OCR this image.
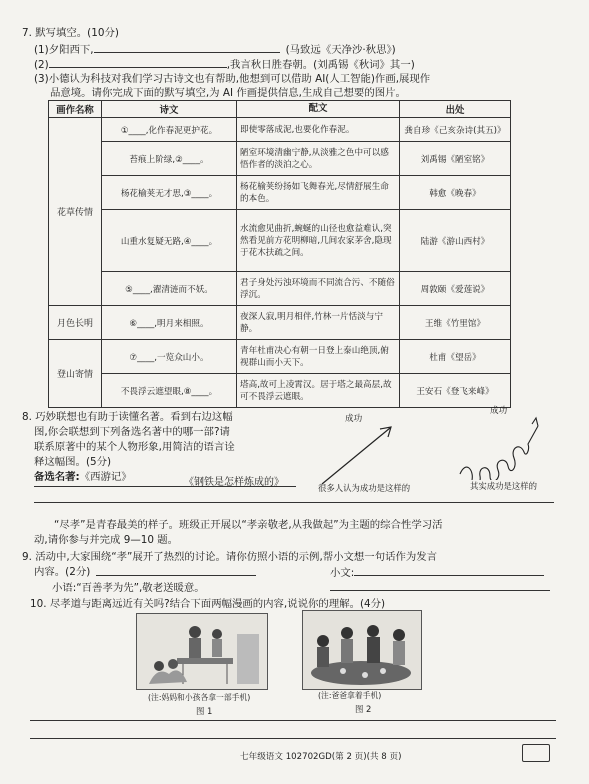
7. 默写填空。(10分)
(1)夕阳西下,	(马致远《天净沙·秋思》)
(2)	,我言秋日胜春朝。(刘禹锡《秋词》其一)
(3)小德认为科技对我们学习古诗文也有帮助,他想到可以借助 AI(人工智能)作画,展现作
品意境。请你完成下面的默写填空,为 AI 作画提供信息,生成自己想要的图片。
画作名称	诗文	配文	出处
花草传情	①____,化作春泥更护花。	即使零落成泥,也要化作春泥。	龚自珍《己亥杂诗(其五)》
	苔痕上阶绿,②____。	陋室环境清幽宁静,从淡雅之色中可以感悟作者的淡泊之心。	刘禹锡《陋室铭》
	杨花榆荚无才思,③____。	杨花榆荚纷扬如飞舞春光,尽情舒展生命的本色。	韩愈《晚春》
	山重水复疑无路,④____。	水流愈见曲折,蜿蜒的山径也愈益难认,突然看见前方花明柳暗,几间农家茅舍,隐现于花木扶疏之间。	陆游《游山西村》
	⑤____,濯清涟而不妖。	君子身处污浊环境而不同流合污、不随俗浮沉。	周敦颐《爱莲说》
月色长明	⑥____,明月来相照。	夜深人寂,明月相伴,竹林一片恬淡与宁静。	王维《竹里馆》
登山寄情	⑦____,一览众山小。	青年杜甫决心有朝一日登上泰山绝顶,俯视群山而小天下。	杜甫《望岳》
	不畏浮云遮望眼,⑧____。	塔高,故可上凌霄汉。居于塔之最高层,故可不畏浮云遮眼。	王安石《登飞来峰》
8. 巧妙联想也有助于读懂名著。看到右边这幅
图,你会联想到下列备选名著中的哪一部?请
联系原著中的某个人物形象,用简洁的语言诠
释这幅图。(5分)
备选名著:《西游记》	《钢铁是怎样炼成的》
成功
很多人认为成功是这样的
成功
其实成功是这样的
“尽孝”是青春最美的样子。班级正开展以“孝亲敬老,从我做起”为主题的综合性学习活
动,请你参与并完成 9—10 题。
9. 活动中,大家围绕“孝”展开了热烈的讨论。请你仿照小语的示例,帮小文想一句话作为发言
内容。(2分)	小文:
小语:“百善孝为先”,敬老送暖意。
10. 尽孝道与距离远近有关吗?结合下面两幅漫画的内容,说说你的理解。(4分)
(注:妈妈和小孩各拿一部手机)
图 1
(注:爸爸拿着手机)
图 2
七年级语文 102702GD(第 2 页)(共 8 页)
